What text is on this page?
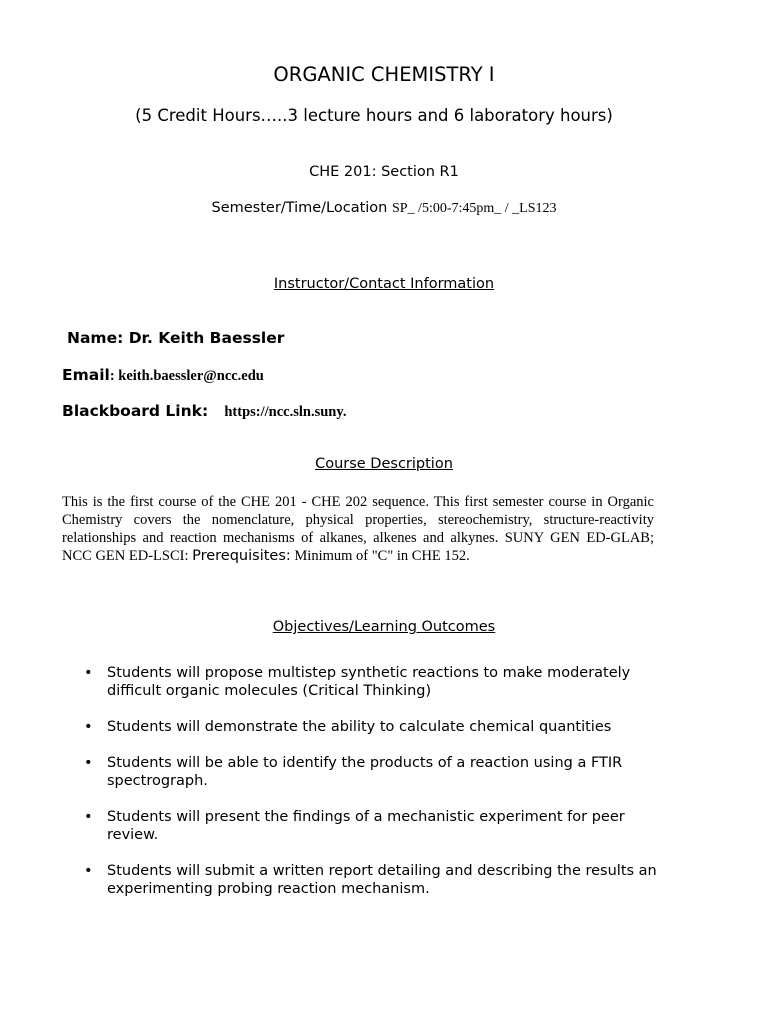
ORGANIC CHEMISTRY I
(5 Credit Hours…..3 lecture hours and 6 laboratory hours)
CHE 201: Section R1
Semester/Time/Location SP_ /5:00-7:45pm_ / _LS123
Instructor/Contact Information
Name: Dr. Keith Baessler
Email: keith.baessler@ncc.edu
Blackboard Link: https://ncc.sln.suny.
Course Description
This is the first course of the CHE 201 - CHE 202 sequence. This first semester course in Organic Chemistry covers the nomenclature, physical properties, stereochemistry, structure-reactivity relationships and reaction mechanisms of alkanes, alkenes and alkynes. SUNY GEN ED-GLAB; NCC GEN ED-LSCI: Prerequisites: Minimum of "C" in CHE 152.
Objectives/Learning Outcomes
• Students will propose multistep synthetic reactions to make moderately difficult organic molecules (Critical Thinking)
• Students will demonstrate the ability to calculate chemical quantities
• Students will be able to identify the products of a reaction using a FTIR spectrograph.
• Students will present the findings of a mechanistic experiment for peer review.
• Students will submit a written report detailing and describing the results an experimenting probing reaction mechanism.
